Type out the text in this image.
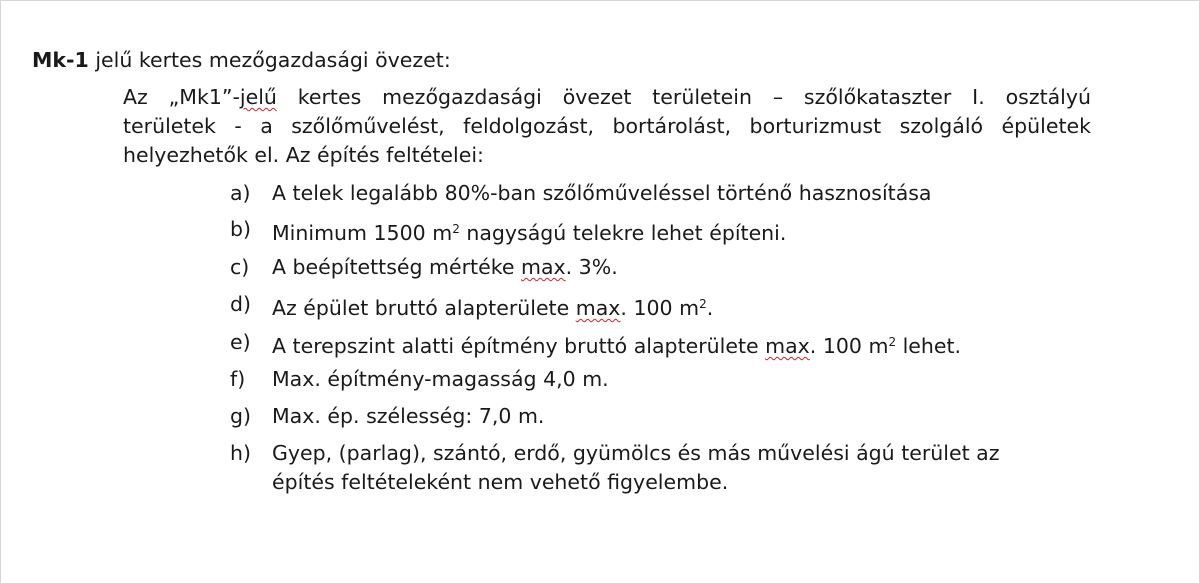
Mk-1 jelű kertes mezőgazdasági övezet:
Az „Mk1”-jelű kertes mezőgazdasági övezet területein – szőlőkataszter I. osztályú
területek - a szőlőművelést, feldolgozást, bortárolást, borturizmust szolgáló épületek
helyezhetők el. Az építés feltételei:
a) A telek legalább 80%-ban szőlőműveléssel történő hasznosítása
b) Minimum 1500 $m^2$ nagyságú telekre lehet építeni.
c) A beépítettség mértéke max. 3%.
d) Az épület bruttó alapterülete max. 100 $m^2$.
e) A terepszint alatti építmény bruttó alapterülete max. 100 $m^2$ lehet.
f) Max. építmény-magasság 4,0 m.
g) Max. ép. szélesség: 7,0 m.
h) Gyep, (parlag), szántó, erdő, gyümölcs és más művelési ágú terület az
építés feltételeként nem vehető figyelembe.
